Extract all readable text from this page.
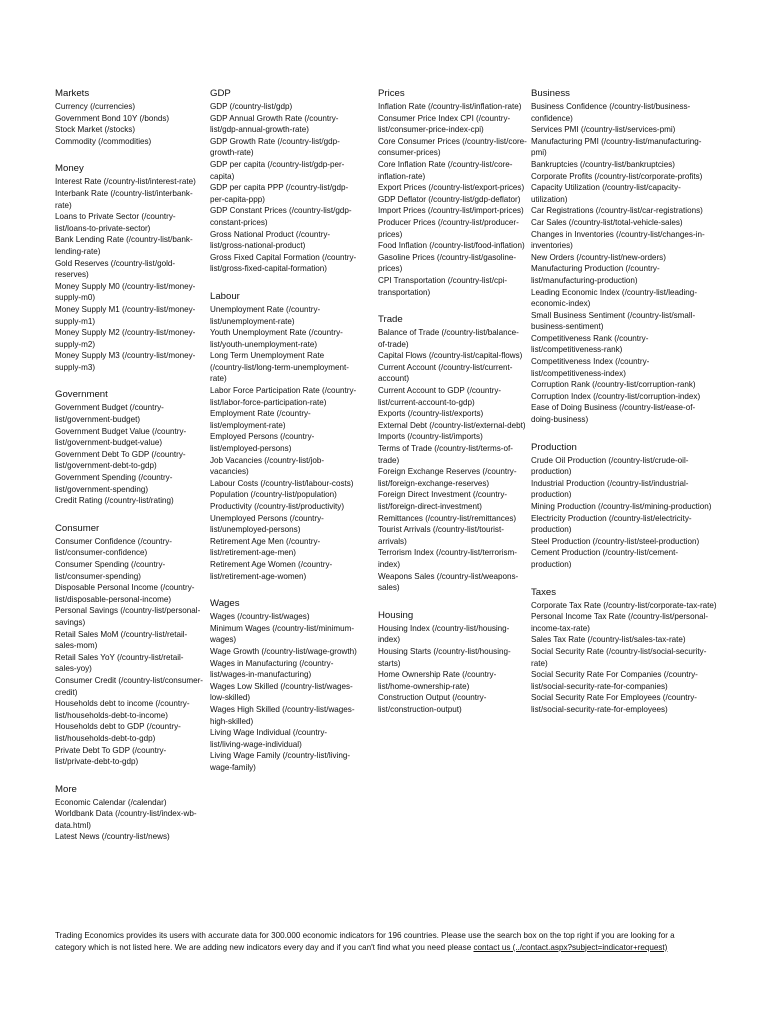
Markets
Currency (/currencies)
Government Bond 10Y (/bonds)
Stock Market (/stocks)
Commodity (/commodities)
Money
Interest Rate (/country-list/interest-rate)
Interbank Rate (/country-list/interbank-rate)
Loans to Private Sector (/country-list/loans-to-private-sector)
Bank Lending Rate (/country-list/bank-lending-rate)
Gold Reserves (/country-list/gold-reserves)
Money Supply M0 (/country-list/money-supply-m0)
Money Supply M1 (/country-list/money-supply-m1)
Money Supply M2 (/country-list/money-supply-m2)
Money Supply M3 (/country-list/money-supply-m3)
Government
Government Budget (/country-list/government-budget)
Government Budget Value (/country-list/government-budget-value)
Government Debt To GDP (/country-list/government-debt-to-gdp)
Government Spending (/country-list/government-spending)
Credit Rating (/country-list/rating)
Consumer
Consumer Confidence (/country-list/consumer-confidence)
Consumer Spending (/country-list/consumer-spending)
Disposable Personal Income (/country-list/disposable-personal-income)
Personal Savings (/country-list/personal-savings)
Retail Sales MoM (/country-list/retail-sales-mom)
Retail Sales YoY (/country-list/retail-sales-yoy)
Consumer Credit (/country-list/consumer-credit)
Households debt to income (/country-list/households-debt-to-income)
Households debt to GDP (/country-list/households-debt-to-gdp)
Private Debt To GDP (/country-list/private-debt-to-gdp)
More
Economic Calendar (/calendar)
Worldbank Data (/country-list/index-wb-data.html)
Latest News (/country-list/news)
GDP
GDP (/country-list/gdp)
GDP Annual Growth Rate (/country-list/gdp-annual-growth-rate)
GDP Growth Rate (/country-list/gdp-growth-rate)
GDP per capita (/country-list/gdp-per-capita)
GDP per capita PPP (/country-list/gdp-per-capita-ppp)
GDP Constant Prices (/country-list/gdp-constant-prices)
Gross National Product (/country-list/gross-national-product)
Gross Fixed Capital Formation (/country-list/gross-fixed-capital-formation)
Labour
Unemployment Rate (/country-list/unemployment-rate)
Youth Unemployment Rate (/country-list/youth-unemployment-rate)
Long Term Unemployment Rate (/country-list/long-term-unemployment-rate)
Labor Force Participation Rate (/country-list/labor-force-participation-rate)
Employment Rate (/country-list/employment-rate)
Employed Persons (/country-list/employed-persons)
Job Vacancies (/country-list/job-vacancies)
Labour Costs (/country-list/labour-costs)
Population (/country-list/population)
Productivity (/country-list/productivity)
Unemployed Persons (/country-list/unemployed-persons)
Retirement Age Men (/country-list/retirement-age-men)
Retirement Age Women (/country-list/retirement-age-women)
Wages
Wages (/country-list/wages)
Minimum Wages (/country-list/minimum-wages)
Wage Growth (/country-list/wage-growth)
Wages in Manufacturing (/country-list/wages-in-manufacturing)
Wages Low Skilled (/country-list/wages-low-skilled)
Wages High Skilled (/country-list/wages-high-skilled)
Living Wage Individual (/country-list/living-wage-individual)
Living Wage Family (/country-list/living-wage-family)
Prices
Inflation Rate (/country-list/inflation-rate)
Consumer Price Index CPI (/country-list/consumer-price-index-cpi)
Core Consumer Prices (/country-list/core-consumer-prices)
Core Inflation Rate (/country-list/core-inflation-rate)
Export Prices (/country-list/export-prices)
GDP Deflator (/country-list/gdp-deflator)
Import Prices (/country-list/import-prices)
Producer Prices (/country-list/producer-prices)
Food Inflation (/country-list/food-inflation)
Gasoline Prices (/country-list/gasoline-prices)
CPI Transportation (/country-list/cpi-transportation)
Trade
Balance of Trade (/country-list/balance-of-trade)
Capital Flows (/country-list/capital-flows)
Current Account (/country-list/current-account)
Current Account to GDP (/country-list/current-account-to-gdp)
Exports (/country-list/exports)
External Debt (/country-list/external-debt)
Imports (/country-list/imports)
Terms of Trade (/country-list/terms-of-trade)
Foreign Exchange Reserves (/country-list/foreign-exchange-reserves)
Foreign Direct Investment (/country-list/foreign-direct-investment)
Remittances (/country-list/remittances)
Tourist Arrivals (/country-list/tourist-arrivals)
Terrorism Index (/country-list/terrorism-index)
Weapons Sales (/country-list/weapons-sales)
Housing
Housing Index (/country-list/housing-index)
Housing Starts (/country-list/housing-starts)
Home Ownership Rate (/country-list/home-ownership-rate)
Construction Output (/country-list/construction-output)
Business
Business Confidence (/country-list/business-confidence)
Services PMI (/country-list/services-pmi)
Manufacturing PMI (/country-list/manufacturing-pmi)
Bankruptcies (/country-list/bankruptcies)
Corporate Profits (/country-list/corporate-profits)
Capacity Utilization (/country-list/capacity-utilization)
Car Registrations (/country-list/car-registrations)
Car Sales (/country-list/total-vehicle-sales)
Changes in Inventories (/country-list/changes-in-inventories)
New Orders (/country-list/new-orders)
Manufacturing Production (/country-list/manufacturing-production)
Leading Economic Index (/country-list/leading-economic-index)
Small Business Sentiment (/country-list/small-business-sentiment)
Competitiveness Rank (/country-list/competitiveness-rank)
Competitiveness Index (/country-list/competitiveness-index)
Corruption Rank (/country-list/corruption-rank)
Corruption Index (/country-list/corruption-index)
Ease of Doing Business (/country-list/ease-of-doing-business)
Production
Crude Oil Production (/country-list/crude-oil-production)
Industrial Production (/country-list/industrial-production)
Mining Production (/country-list/mining-production)
Electricity Production (/country-list/electricity-production)
Steel Production (/country-list/steel-production)
Cement Production (/country-list/cement-production)
Taxes
Corporate Tax Rate (/country-list/corporate-tax-rate)
Personal Income Tax Rate (/country-list/personal-income-tax-rate)
Sales Tax Rate (/country-list/sales-tax-rate)
Social Security Rate (/country-list/social-security-rate)
Social Security Rate For Companies (/country-list/social-security-rate-for-companies)
Social Security Rate For Employees (/country-list/social-security-rate-for-employees)
Trading Economics provides its users with accurate data for 300.000 economic indicators for 196 countries. Please use the search box on the top right if you are looking for a category which is not listed here. We are adding new indicators every day and if you can't find what you need please contact us (../contact.aspx?subject=indicator+request)
